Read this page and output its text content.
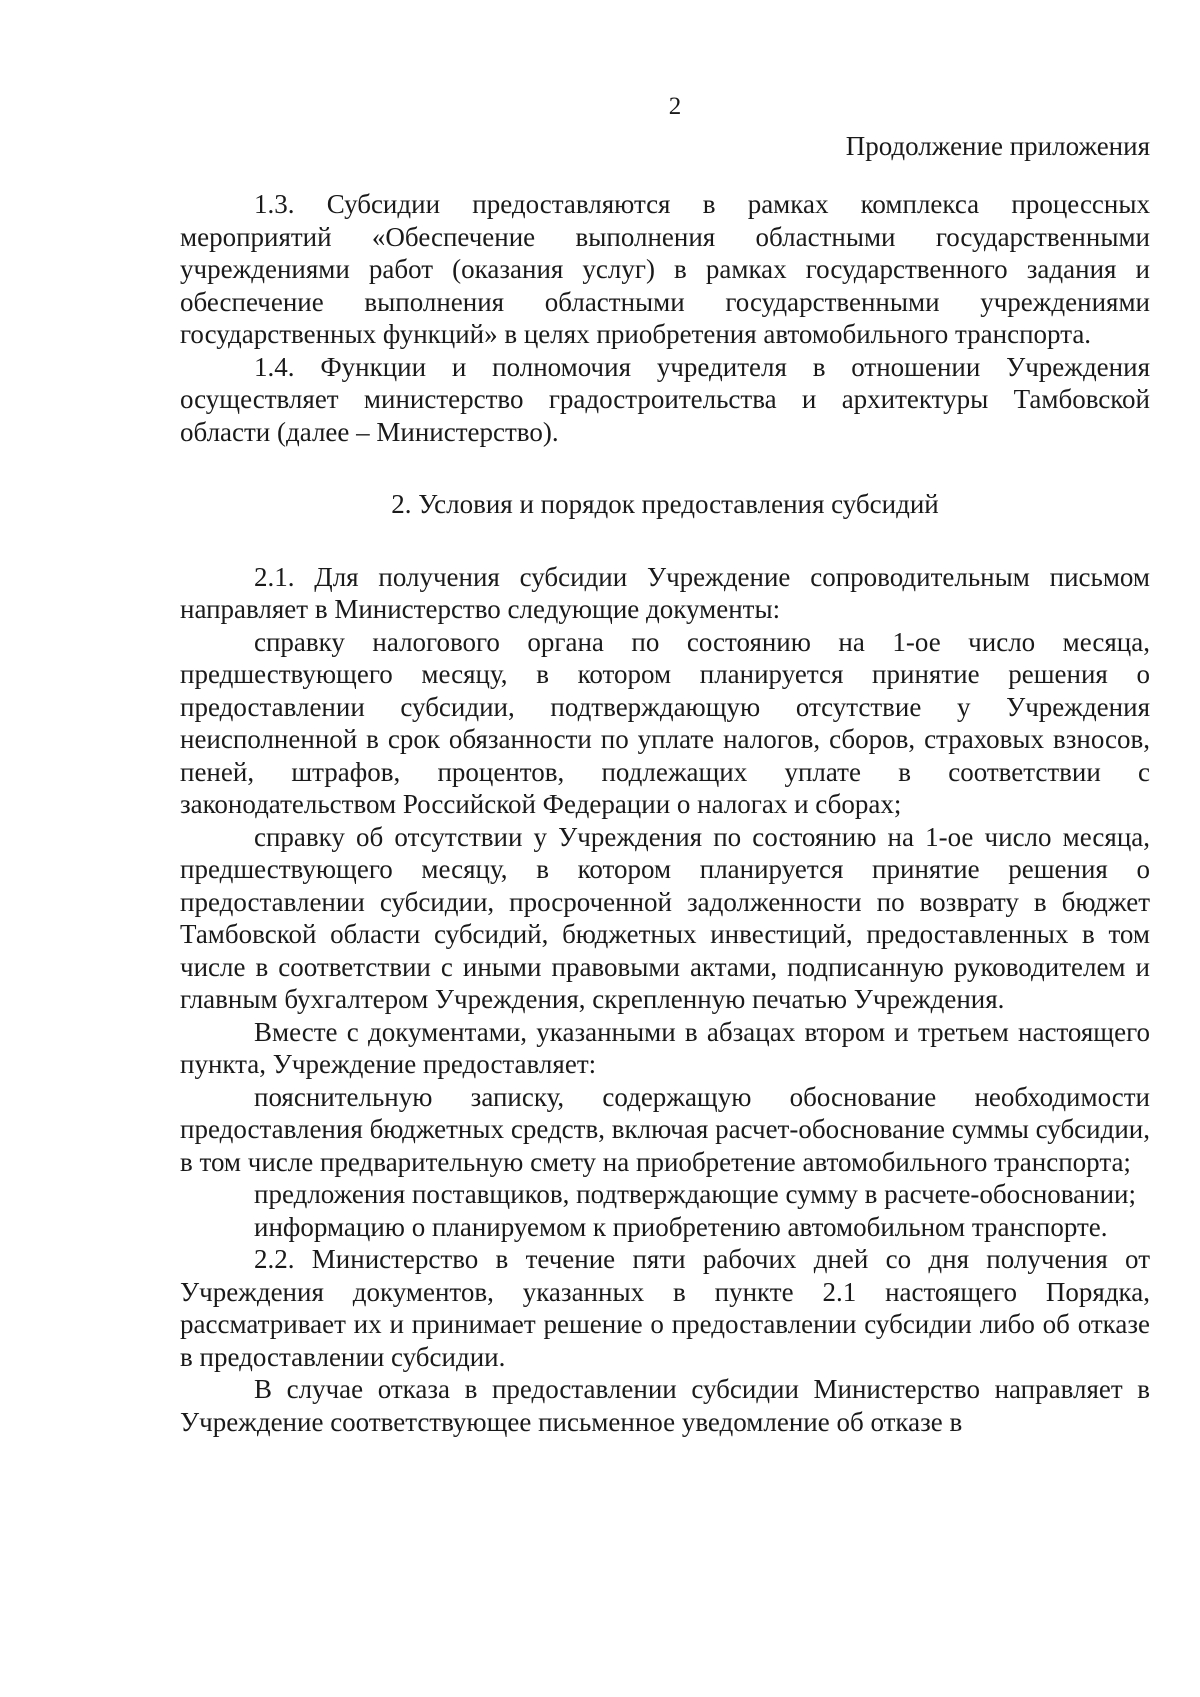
2
Продолжение приложения

1.3. Субсидии предоставляются в рамках комплекса процессных мероприятий «Обеспечение выполнения областными государственными учреждениями работ (оказания услуг) в рамках государственного задания и обеспечение выполнения областными государственными учреждениями государственных функций» в целях приобретения автомобильного транспорта.

1.4. Функции и полномочия учредителя в отношении Учреждения осуществляет министерство градостроительства и архитектуры Тамбовской области (далее – Министерство).

2. Условия и порядок предоставления субсидий

2.1. Для получения субсидии Учреждение сопроводительным письмом направляет в Министерство следующие документы:

справку налогового органа по состоянию на 1-ое число месяца, предшествующего месяцу, в котором планируется принятие решения о предоставлении субсидии, подтверждающую отсутствие у Учреждения неисполненной в срок обязанности по уплате налогов, сборов, страховых взносов, пеней, штрафов, процентов, подлежащих уплате в соответствии с законодательством Российской Федерации о налогах и сборах;

справку об отсутствии у Учреждения по состоянию на 1-ое число месяца, предшествующего месяцу, в котором планируется принятие решения о предоставлении субсидии, просроченной задолженности по возврату в бюджет Тамбовской области субсидий, бюджетных инвестиций, предоставленных в том числе в соответствии с иными правовыми актами, подписанную руководителем и главным бухгалтером Учреждения, скрепленную печатью Учреждения.

Вместе с документами, указанными в абзацах втором и третьем настоящего пункта, Учреждение предоставляет:

пояснительную записку, содержащую обоснование необходимости предоставления бюджетных средств, включая расчет-обоснование суммы субсидии, в том числе предварительную смету на приобретение автомобильного транспорта;

предложения поставщиков, подтверждающие сумму в расчете-обосновании;

информацию о планируемом к приобретению автомобильном транспорте.

2.2. Министерство в течение пяти рабочих дней со дня получения от Учреждения документов, указанных в пункте 2.1 настоящего Порядка, рассматривает их и принимает решение о предоставлении субсидии либо об отказе в предоставлении субсидии.

В случае отказа в предоставлении субсидии Министерство направляет в Учреждение соответствующее письменное уведомление об отказе в
